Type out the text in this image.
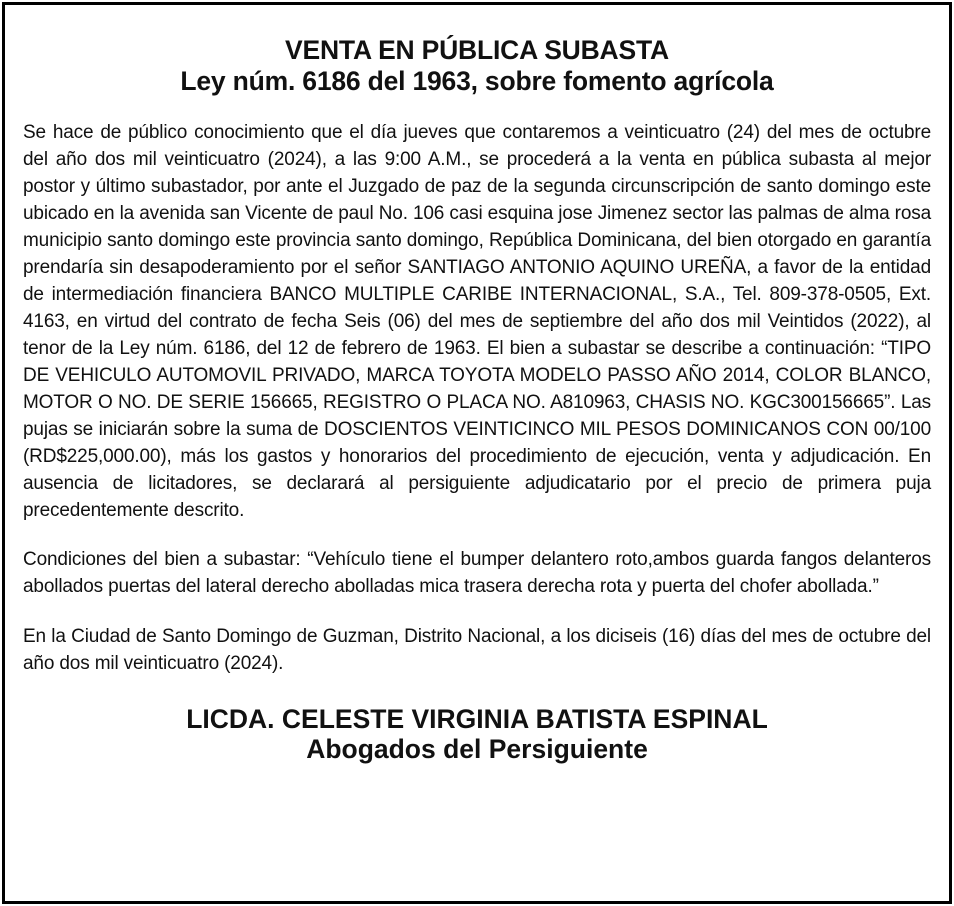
VENTA EN PÚBLICA SUBASTA
Ley núm. 6186 del 1963, sobre fomento agrícola

Se hace de público conocimiento que el día jueves que contaremos a veinticuatro (24) del mes de octubre del año dos mil veinticuatro (2024), a las 9:00 A.M., se procederá a la venta en pública subasta al mejor postor y último subastador, por ante el Juzgado de paz de la segunda circunscripción de santo domingo este ubicado en la avenida san Vicente de paul No. 106 casi esquina jose Jimenez sector las palmas de alma rosa municipio santo domingo este provincia santo domingo, República Dominicana, del bien otorgado en garantía prendaría sin desapoderamiento por el señor SANTIAGO ANTONIO AQUINO UREÑA, a favor de la entidad de intermediación financiera BANCO MULTIPLE CARIBE INTERNACIONAL, S.A., Tel. 809-378-0505, Ext. 4163, en virtud del contrato de fecha Seis (06) del mes de septiembre del año dos mil Veintidos (2022), al tenor de la Ley núm. 6186, del 12 de febrero de 1963. El bien a subastar se describe a continuación: “TIPO DE VEHICULO AUTOMOVIL PRIVADO, MARCA TOYOTA MODELO PASSO AÑO 2014, COLOR BLANCO, MOTOR O NO. DE SERIE 156665, REGISTRO O PLACA NO. A810963, CHASIS NO. KGC300156665”. Las pujas se iniciarán sobre la suma de DOSCIENTOS VEINTICINCO MIL PESOS DOMINICANOS CON 00/100 (RD$225,000.00), más los gastos y honorarios del procedimiento de ejecución, venta y adjudicación. En ausencia de licitadores, se declarará al persiguiente adjudicatario por el precio de primera puja precedentemente descrito.

Condiciones del bien a subastar: “Vehículo tiene el bumper delantero roto,ambos guarda fangos delanteros abollados puertas del lateral derecho abolladas mica trasera derecha rota y puerta del chofer abollada.”

En la Ciudad de Santo Domingo de Guzman, Distrito Nacional, a los diciseis (16) días del mes de octubre del año dos mil veinticuatro (2024).

LICDA. CELESTE VIRGINIA BATISTA ESPINAL

Abogados del Persiguiente
